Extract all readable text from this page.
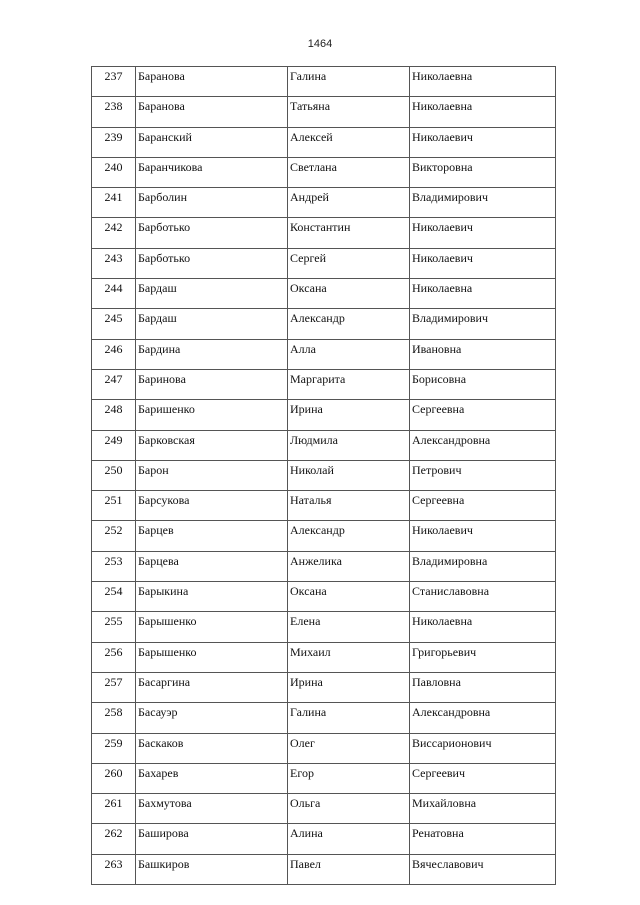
1464
237	Баранова	Галина	Николаевна
238	Баранова	Татьяна	Николаевна
239	Баранский	Алексей	Николаевич
240	Баранчикова	Светлана	Викторовна
241	Барболин	Андрей	Владимирович
242	Барботько	Константин	Николаевич
243	Барботько	Сергей	Николаевич
244	Бардаш	Оксана	Николаевна
245	Бардаш	Александр	Владимирович
246	Бардина	Алла	Ивановна
247	Баринова	Маргарита	Борисовна
248	Баришенко	Ирина	Сергеевна
249	Барковская	Людмила	Александровна
250	Барон	Николай	Петрович
251	Барсукова	Наталья	Сергеевна
252	Барцев	Александр	Николаевич
253	Барцева	Анжелика	Владимировна
254	Барыкина	Оксана	Станиславовна
255	Барышенко	Елена	Николаевна
256	Барышенко	Михаил	Григорьевич
257	Басаргина	Ирина	Павловна
258	Басауэр	Галина	Александровна
259	Баскаков	Олег	Виссарионович
260	Бахарев	Егор	Сергеевич
261	Бахмутова	Ольга	Михайловна
262	Баширова	Алина	Ренатовна
263	Башкиров	Павел	Вячеславович
